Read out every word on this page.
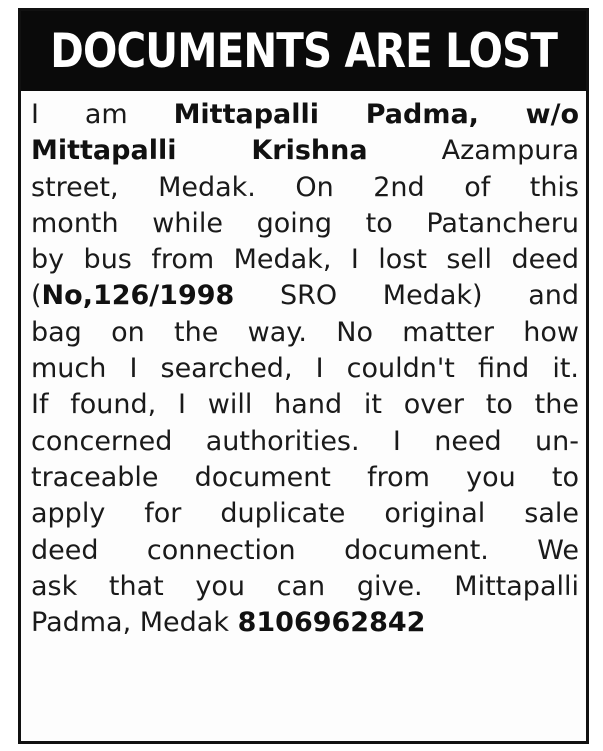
DOCUMENTS ARE LOST
I am Mittapalli Padma, w/o
Mittapalli Krishna Azampura
street, Medak. On 2nd of this
month while going to Patancheru
by bus from Medak, I lost sell deed
(No,126/1998 SRO Medak) and
bag on the way. No matter how
much I searched, I couldn't find it.
If found, I will hand it over to the
concerned authorities. I need un-
traceable document from you to
apply for duplicate original sale
deed connection document. We
ask that you can give. Mittapalli
Padma, Medak 8106962842
